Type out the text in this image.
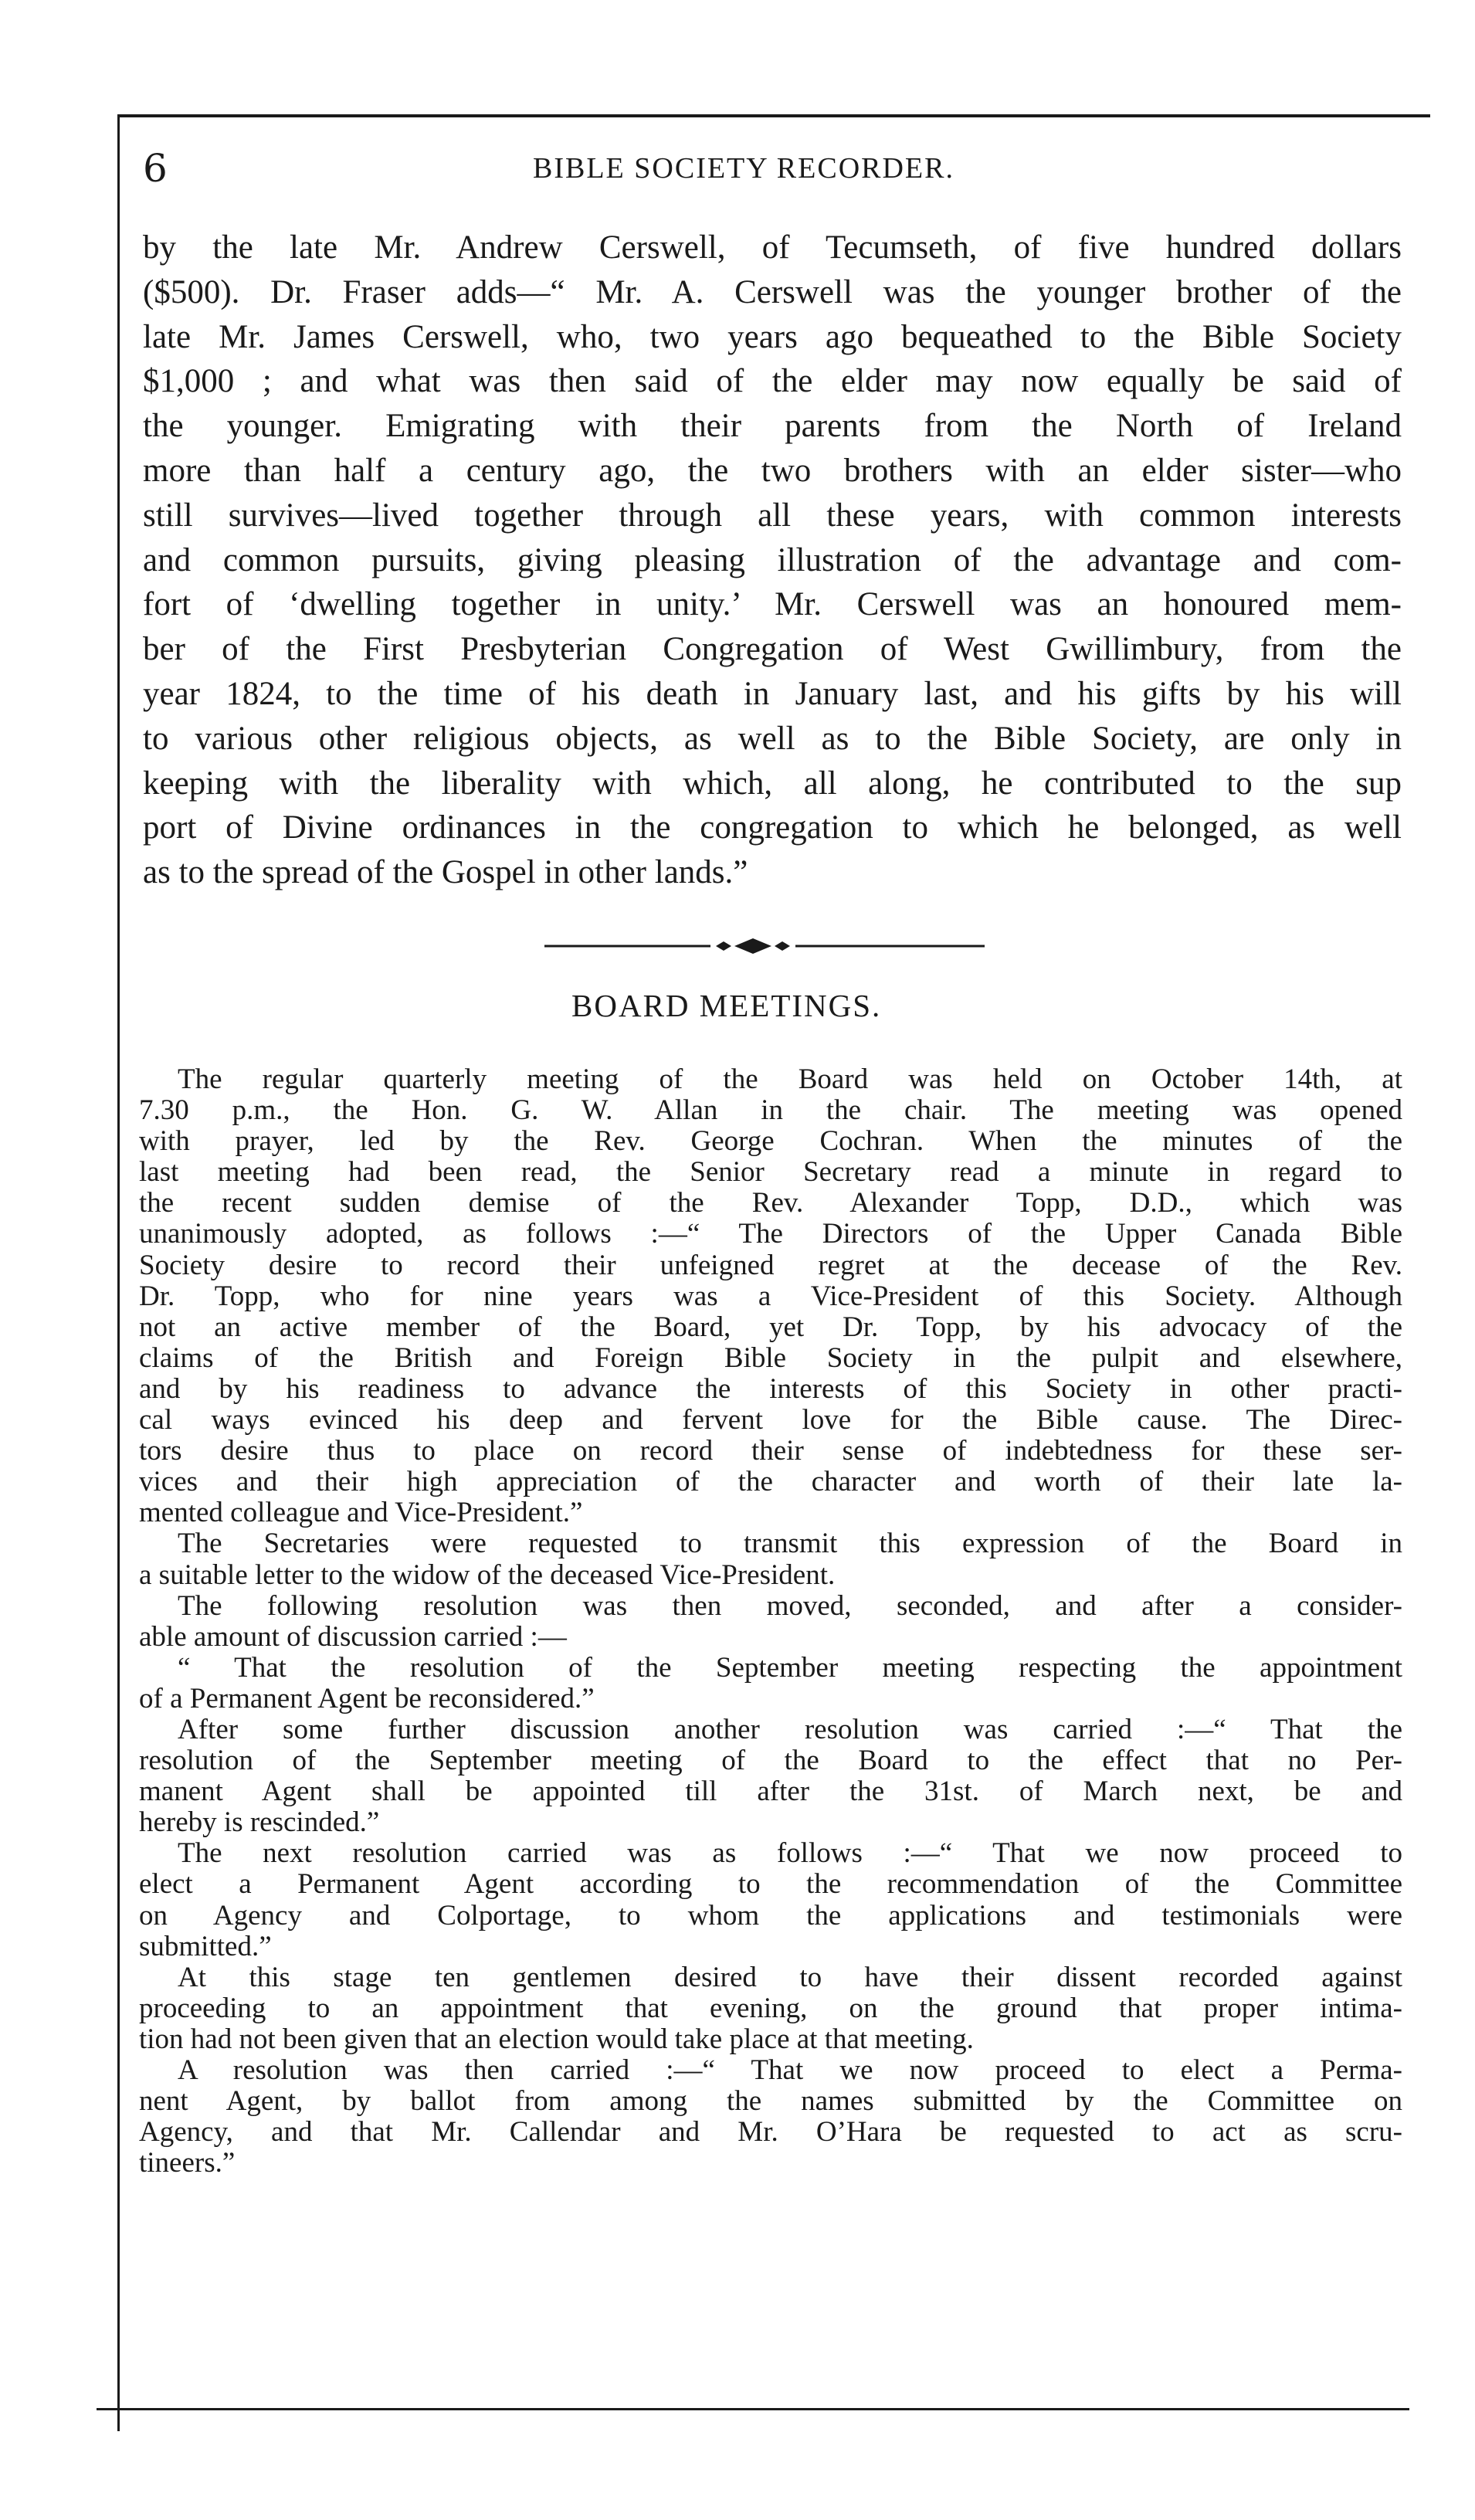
6	BIBLE SOCIETY RECORDER.
by the late Mr. Andrew Cerswell, of Tecumseth, of five hundred dollars
($500). Dr. Fraser adds—“ Mr. A. Cerswell was the younger brother of the
late Mr. James Cerswell, who, two years ago bequeathed to the Bible Society
$1,000 ; and what was then said of the elder may now equally be said of
the younger. Emigrating with their parents from the North of Ireland
more than half a century ago, the two brothers with an elder sister—who
still survives—lived together through all these years, with common interests
and common pursuits, giving pleasing illustration of the advantage and com-
fort of ‘dwelling together in unity.’ Mr. Cerswell was an honoured mem-
ber of the First Presbyterian Congregation of West Gwillimbury, from the
year 1824, to the time of his death in January last, and his gifts by his will
to various other religious objects, as well as to the Bible Society, are only in
keeping with the liberality with which, all along, he contributed to the sup
port of Divine ordinances in the congregation to which he belonged, as well
as to the spread of the Gospel in other lands.”
BOARD MEETINGS.
The regular quarterly meeting of the Board was held on October 14th, at
7.30 p.m., the Hon. G. W. Allan in the chair. The meeting was opened
with prayer, led by the Rev. George Cochran. When the minutes of the
last meeting had been read, the Senior Secretary read a minute in regard to
the recent sudden demise of the Rev. Alexander Topp, D.D., which was
unanimously adopted, as follows :—“ The Directors of the Upper Canada Bible
Society desire to record their unfeigned regret at the decease of the Rev.
Dr. Topp, who for nine years was a Vice-President of this Society. Although
not an active member of the Board, yet Dr. Topp, by his advocacy of the
claims of the British and Foreign Bible Society in the pulpit and elsewhere,
and by his readiness to advance the interests of this Society in other practi-
cal ways evinced his deep and fervent love for the Bible cause. The Direc-
tors desire thus to place on record their sense of indebtedness for these ser-
vices and their high appreciation of the character and worth of their late la-
mented colleague and Vice-President.”
The Secretaries were requested to transmit this expression of the Board in
a suitable letter to the widow of the deceased Vice-President.
The following resolution was then moved, seconded, and after a consider-
able amount of discussion carried :—
“ That the resolution of the September meeting respecting the appointment
of a Permanent Agent be reconsidered.”
After some further discussion another resolution was carried :—“ That the
resolution of the September meeting of the Board to the effect that no Per-
manent Agent shall be appointed till after the 31st. of March next, be and
hereby is rescinded.”
The next resolution carried was as follows :—“ That we now proceed to
elect a Permanent Agent according to the recommendation of the Committee
on Agency and Colportage, to whom the applications and testimonials were
submitted.”
At this stage ten gentlemen desired to have their dissent recorded against
proceeding to an appointment that evening, on the ground that proper intima-
tion had not been given that an election would take place at that meeting.
A resolution was then carried :—“ That we now proceed to elect a Perma-
nent Agent, by ballot from among the names submitted by the Committee on
Agency, and that Mr. Callendar and Mr. O’Hara be requested to act as scru-
tineers.”
